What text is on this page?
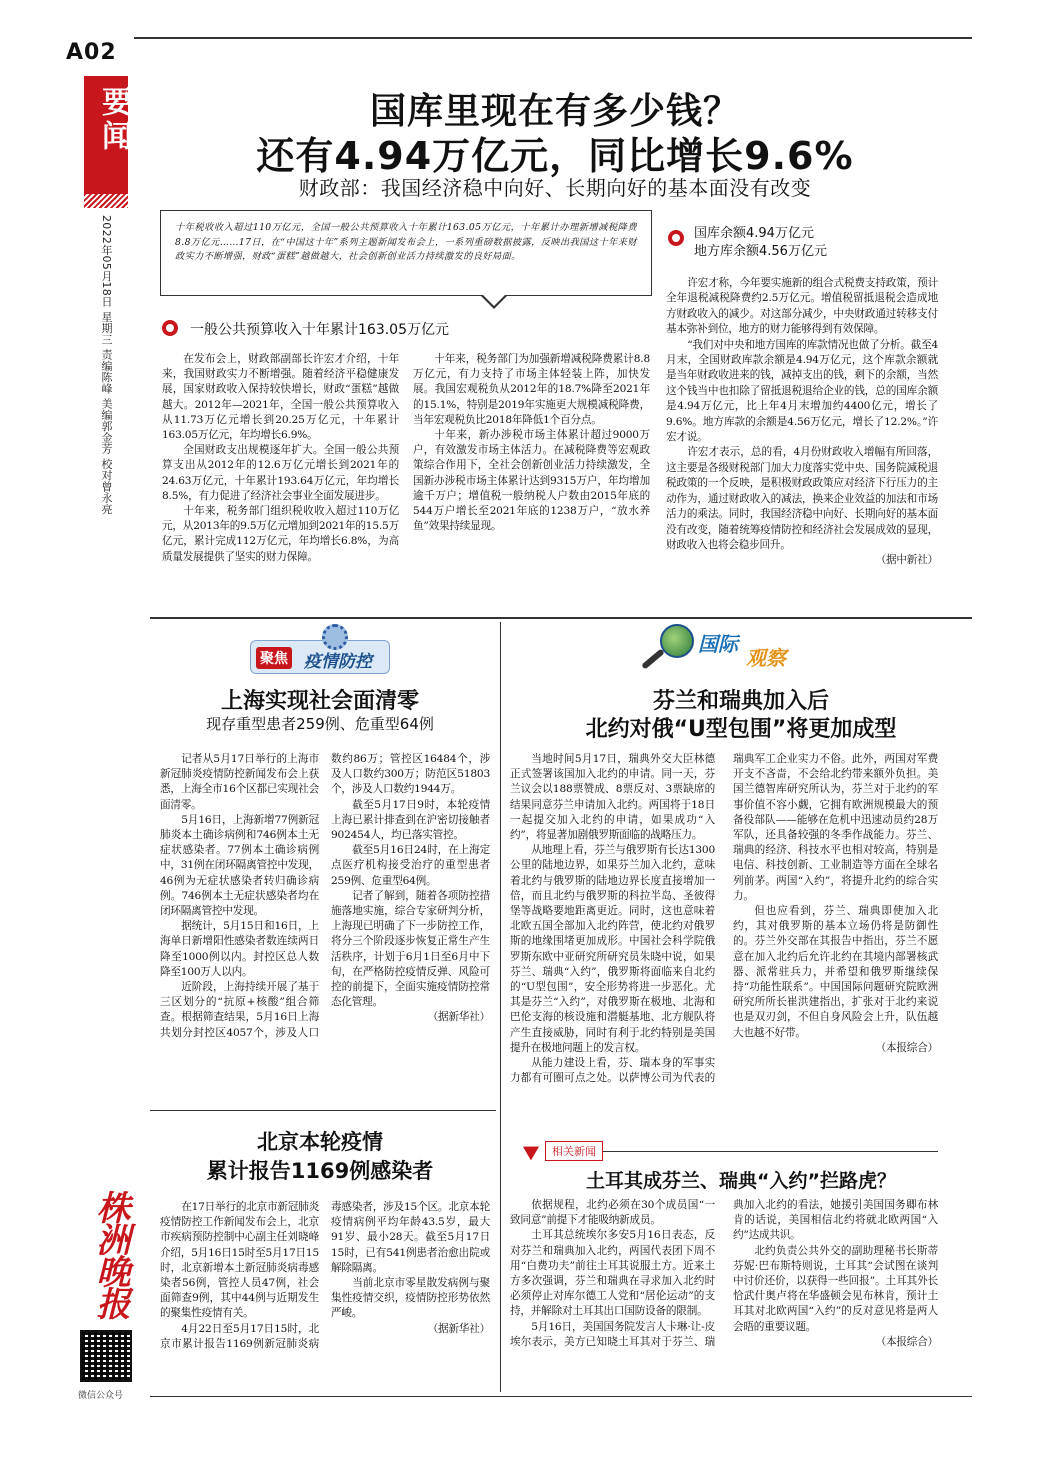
A02
要闻
2022年05月18日 星期三 责编陈峰 美编郭金芳 校对曾永亮
株洲晚报
微信公众号
国库里现在有多少钱？
还有4.94万亿元，同比增长9.6%
财政部：我国经济稳中向好、长期向好的基本面没有改变
十年税收收入超过110万亿元，全国一般公共预算收入十年累计163.05万亿元，十年累计办理新增减税降费8.8万亿元……17日，在“中国这十年”系列主题新闻发布会上，一系列重磅数据披露，反映出我国这十年来财政实力不断增强，财政“蛋糕”越做越大，社会创新创业活力持续激发的良好局面。
一般公共预算收入十年累计163.05万亿元

在发布会上，财政部副部长许宏才介绍，十年来，我国财政实力不断增强。随着经济平稳健康发展，国家财政收入保持较快增长，财政“蛋糕”越做越大。2012年—2021年，全国一般公共预算收入从11.73万亿元增长到20.25万亿元，十年累计163.05万亿元，年均增长6.9%。

全国财政支出规模逐年扩大。全国一般公共预算支出从2012年的12.6万亿元增长到2021年的24.63万亿元，十年累计193.64万亿元，年均增长8.5%，有力促进了经济社会事业全面发展进步。

十年来，税务部门组织税收收入超过110万亿元，从2013年的9.5万亿元增加到2021年的15.5万亿元，累计完成112万亿元，年均增长6.8%，为高质量发展提供了坚实的财力保障。

十年来，税务部门为加强新增减税降费累计8.8万亿元，有力支持了市场主体轻装上阵，加快发展。我国宏观税负从2012年的18.7%降至2021年的15.1%，特别是2019年实施更大规模减税降费，当年宏观税负比2018年降低1个百分点。

十年来，新办涉税市场主体累计超过9000万户，有效激发市场主体活力。在减税降费等宏观政策综合作用下，全社会创新创业活力持续激发，全国新办涉税市场主体累计达到9315万户，年均增加逾千万户；增值税一般纳税人户数由2015年底的544万户增长至2021年底的1238万户，“放水养鱼”效果持续显现。

国库余额4.94万亿元
地方库余额4.56万亿元

许宏才称，今年要实施新的组合式税费支持政策，预计全年退税减税降费约2.5万亿元。增值税留抵退税会造成地方财政收入的减少。对这部分减少，中央财政通过转移支付基本弥补到位，地方的财力能够得到有效保障。

“我们对中央和地方国库的库款情况也做了分析。截至4月末，全国财政库款余额是4.94万亿元，这个库款余额就是当年财政收进来的钱，减掉支出的钱，剩下的余额，当然这个钱当中也扣除了留抵退税退给企业的钱，总的国库余额是4.94万亿元，比上年4月末增加约4400亿元，增长了9.6%。地方库款的余额是4.56万亿元，增长了12.2%。”许宏才说。

许宏才表示，总的看，4月份财政收入增幅有所回落，这主要是各级财税部门加大力度落实党中央、国务院减税退税政策的一个反映，是积极财政政策应对经济下行压力的主动作为，通过财政收入的减法，换来企业效益的加法和市场活力的乘法。同时，我国经济稳中向好、长期向好的基本面没有改变，随着统筹疫情防控和经济社会发展成效的显现，财政收入也将会稳步回升。

（据中新社）

聚焦 疫情防控
上海实现社会面清零
现存重型患者259例、危重型64例

记者从5月17日举行的上海市新冠肺炎疫情防控新闻发布会上获悉，上海全市16个区都已实现社会面清零。

5月16日，上海新增77例新冠肺炎本土确诊病例和746例本土无症状感染者。77例本土确诊病例中，31例在闭环隔离管控中发现，46例为无症状感染者转归确诊病例。746例本土无症状感染者均在闭环隔离管控中发现。

据统计，5月15日和16日，上海单日新增阳性感染者数连续两日降至1000例以内。封控区总人数降至100万人以内。

近阶段，上海持续开展了基于三区划分的“抗原+核酸”组合筛查。根据筛查结果，5月16日上海共划分封控区4057个，涉及人口数约86万；管控区16484个，涉及人口数约300万；防范区51803个，涉及人口数约1944万。

截至5月17日9时，本轮疫情上海已累计排查到在沪密切接触者902454人，均已落实管控。

截至5月16日24时，在上海定点医疗机构接受治疗的重型患者259例、危重型64例。

记者了解到，随着各项防控措施落地实施，综合专家研判分析，上海现已明确了下一步防控工作，将分三个阶段逐步恢复正常生产生活秩序，计划于6月1日至6月中下旬，在严格防控疫情反弹、风险可控的前提下，全面实施疫情防控常态化管理。

（据新华社）

北京本轮疫情
累计报告1169例感染者

在17日举行的北京市新冠肺炎疫情防控工作新闻发布会上，北京市疾病预防控制中心副主任刘晓峰介绍，5月16日15时至5月17日15时，北京新增本土新冠肺炎病毒感染者56例，管控人员47例，社会面筛查9例，其中44例与近期发生的聚集性疫情有关。

4月22日至5月17日15时，北京市累计报告1169例新冠肺炎病毒感染者，涉及15个区。北京本轮疫情病例平均年龄43.5岁，最大91岁、最小28天。截至5月17日15时，已有541例患者治愈出院或解除隔离。

当前北京市零星散发病例与聚集性疫情交织，疫情防控形势依然严峻。

（据新华社）

国际
观察
芬兰和瑞典加入后
北约对俄“U型包围”将更加成型

当地时间5月17日，瑞典外交大臣林德正式签署该国加入北约的申请。同一天，芬兰议会以188票赞成、8票反对、3票缺席的结果同意芬兰申请加入北约。两国将于18日一起提交加入北约的申请，如果成功“入约”，将显著加剧俄罗斯面临的战略压力。

从地理上看，芬兰与俄罗斯有长达1300公里的陆地边界，如果芬兰加入北约，意味着北约与俄罗斯的陆地边界长度直接增加一倍，而且北约与俄罗斯的科拉半岛、圣彼得堡等战略要地距离更近。同时，这也意味着北欧五国全部加入北约阵营，使北约对俄罗斯的地缘围堵更加成形。中国社会科学院俄罗斯东欧中亚研究所研究员朱晓中说，如果芬兰、瑞典“入约”，俄罗斯将面临来自北约的“U型包围”，安全形势将进一步恶化。尤其是芬兰“入约”，对俄罗斯在极地、北海和巴伦支海的核设施和潜艇基地、北方舰队将产生直接威胁，同时有利于北约特别是美国提升在极地问题上的发言权。

从能力建设上看，芬、瑞本身的军事实力都有可圈可点之处。以萨博公司为代表的瑞典军工企业实力不俗。此外，两国对军费开支不吝啬，不会给北约带来额外负担。美国兰德智库研究所认为，芬兰对于北约的军事价值不容小觑，它拥有欧洲规模最大的预备役部队——能够在危机中迅速动员约28万军队，还具备较强的冬季作战能力。芬兰、瑞典的经济、科技水平也相对较高，特别是电信、科技创新、工业制造等方面在全球名列前茅。两国“入约”，将提升北约的综合实力。

但也应看到，芬兰、瑞典即使加入北约，其对俄罗斯的基本立场仍将是防御性的。芬兰外交部在其报告中指出，芬兰不愿意在加入北约后允许北约在其境内部署核武器、派常驻兵力，并希望和俄罗斯继续保持“功能性联系”。中国国际问题研究院欧洲研究所所长崔洪建指出，扩张对于北约来说也是双刃剑，不但自身风险会上升，队伍越大也越不好带。

（本报综合）

相关新闻
土耳其成芬兰、瑞典“入约”拦路虎？

依据规程，北约必须在30个成员国“一致同意”前提下才能吸纳新成员。

土耳其总统埃尔多安5月16日表态，反对芬兰和瑞典加入北约，两国代表团下周不用“白费功夫”前往土耳其说服土方。近来土方多次强调，芬兰和瑞典在寻求加入北约时必须停止对库尔德工人党和“居伦运动”的支持，并解除对土耳其出口国防设备的限制。

5月16日，美国国务院发言人卡琳·让-皮埃尔表示，美方已知晓土耳其对于芬兰、瑞典加入北约的看法，她援引美国国务卿布林肯的话说，美国相信北约将就北欧两国“入约”达成共识。

北约负责公共外交的副助理秘书长斯蒂芬妮·巴布斯特则说，土耳其“会试图在谈判中讨价还价，以获得一些回报”。土耳其外长恰武什奥卢将在华盛顿会见布林肯，预计土耳其对北欧两国“入约”的反对意见将是两人会晤的重要议题。

（本报综合）
